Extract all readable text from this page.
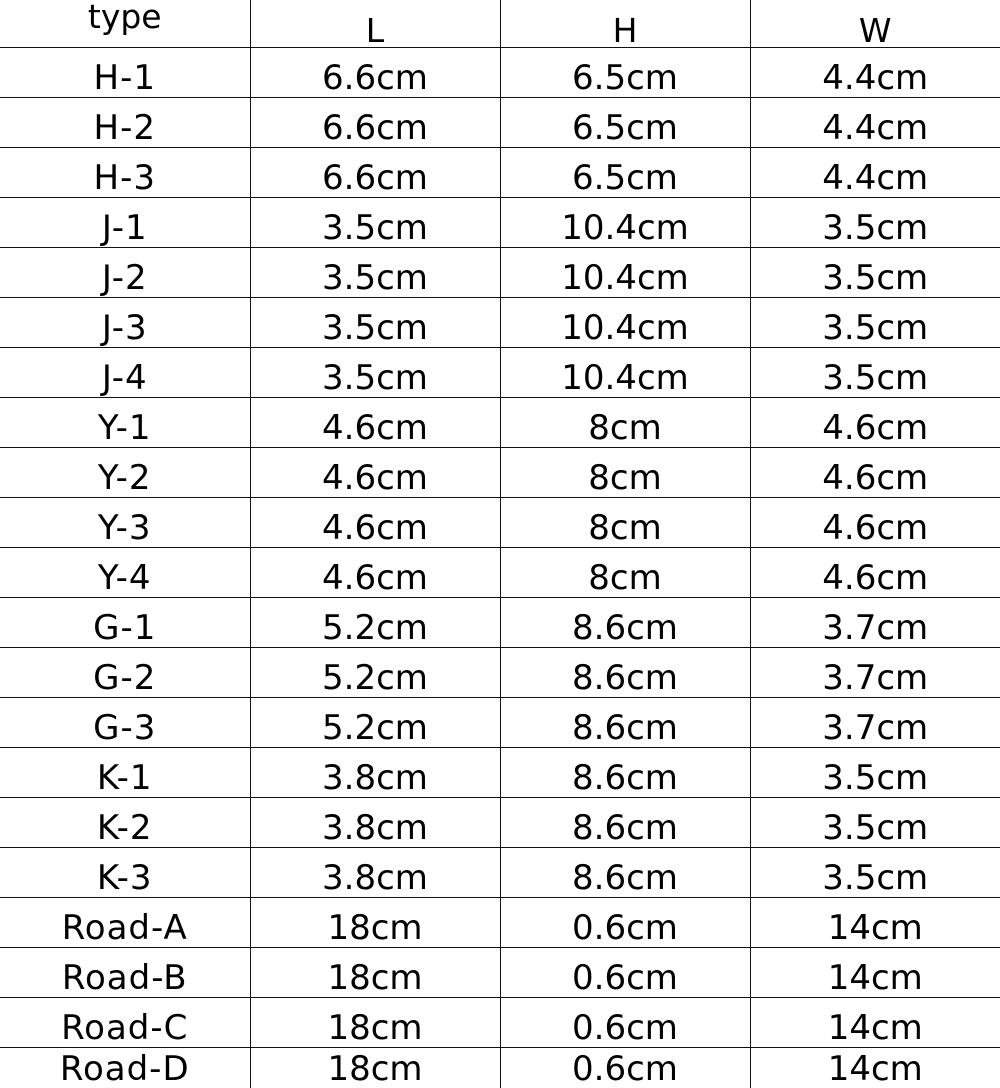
type	L	H	W
H-1	6.6cm	6.5cm	4.4cm
H-2	6.6cm	6.5cm	4.4cm
H-3	6.6cm	6.5cm	4.4cm
J-1	3.5cm	10.4cm	3.5cm
J-2	3.5cm	10.4cm	3.5cm
J-3	3.5cm	10.4cm	3.5cm
J-4	3.5cm	10.4cm	3.5cm
Y-1	4.6cm	8cm	4.6cm
Y-2	4.6cm	8cm	4.6cm
Y-3	4.6cm	8cm	4.6cm
Y-4	4.6cm	8cm	4.6cm
G-1	5.2cm	8.6cm	3.7cm
G-2	5.2cm	8.6cm	3.7cm
G-3	5.2cm	8.6cm	3.7cm
K-1	3.8cm	8.6cm	3.5cm
K-2	3.8cm	8.6cm	3.5cm
K-3	3.8cm	8.6cm	3.5cm
Road-A	18cm	0.6cm	14cm
Road-B	18cm	0.6cm	14cm
Road-C	18cm	0.6cm	14cm
Road-D	18cm	0.6cm	14cm
